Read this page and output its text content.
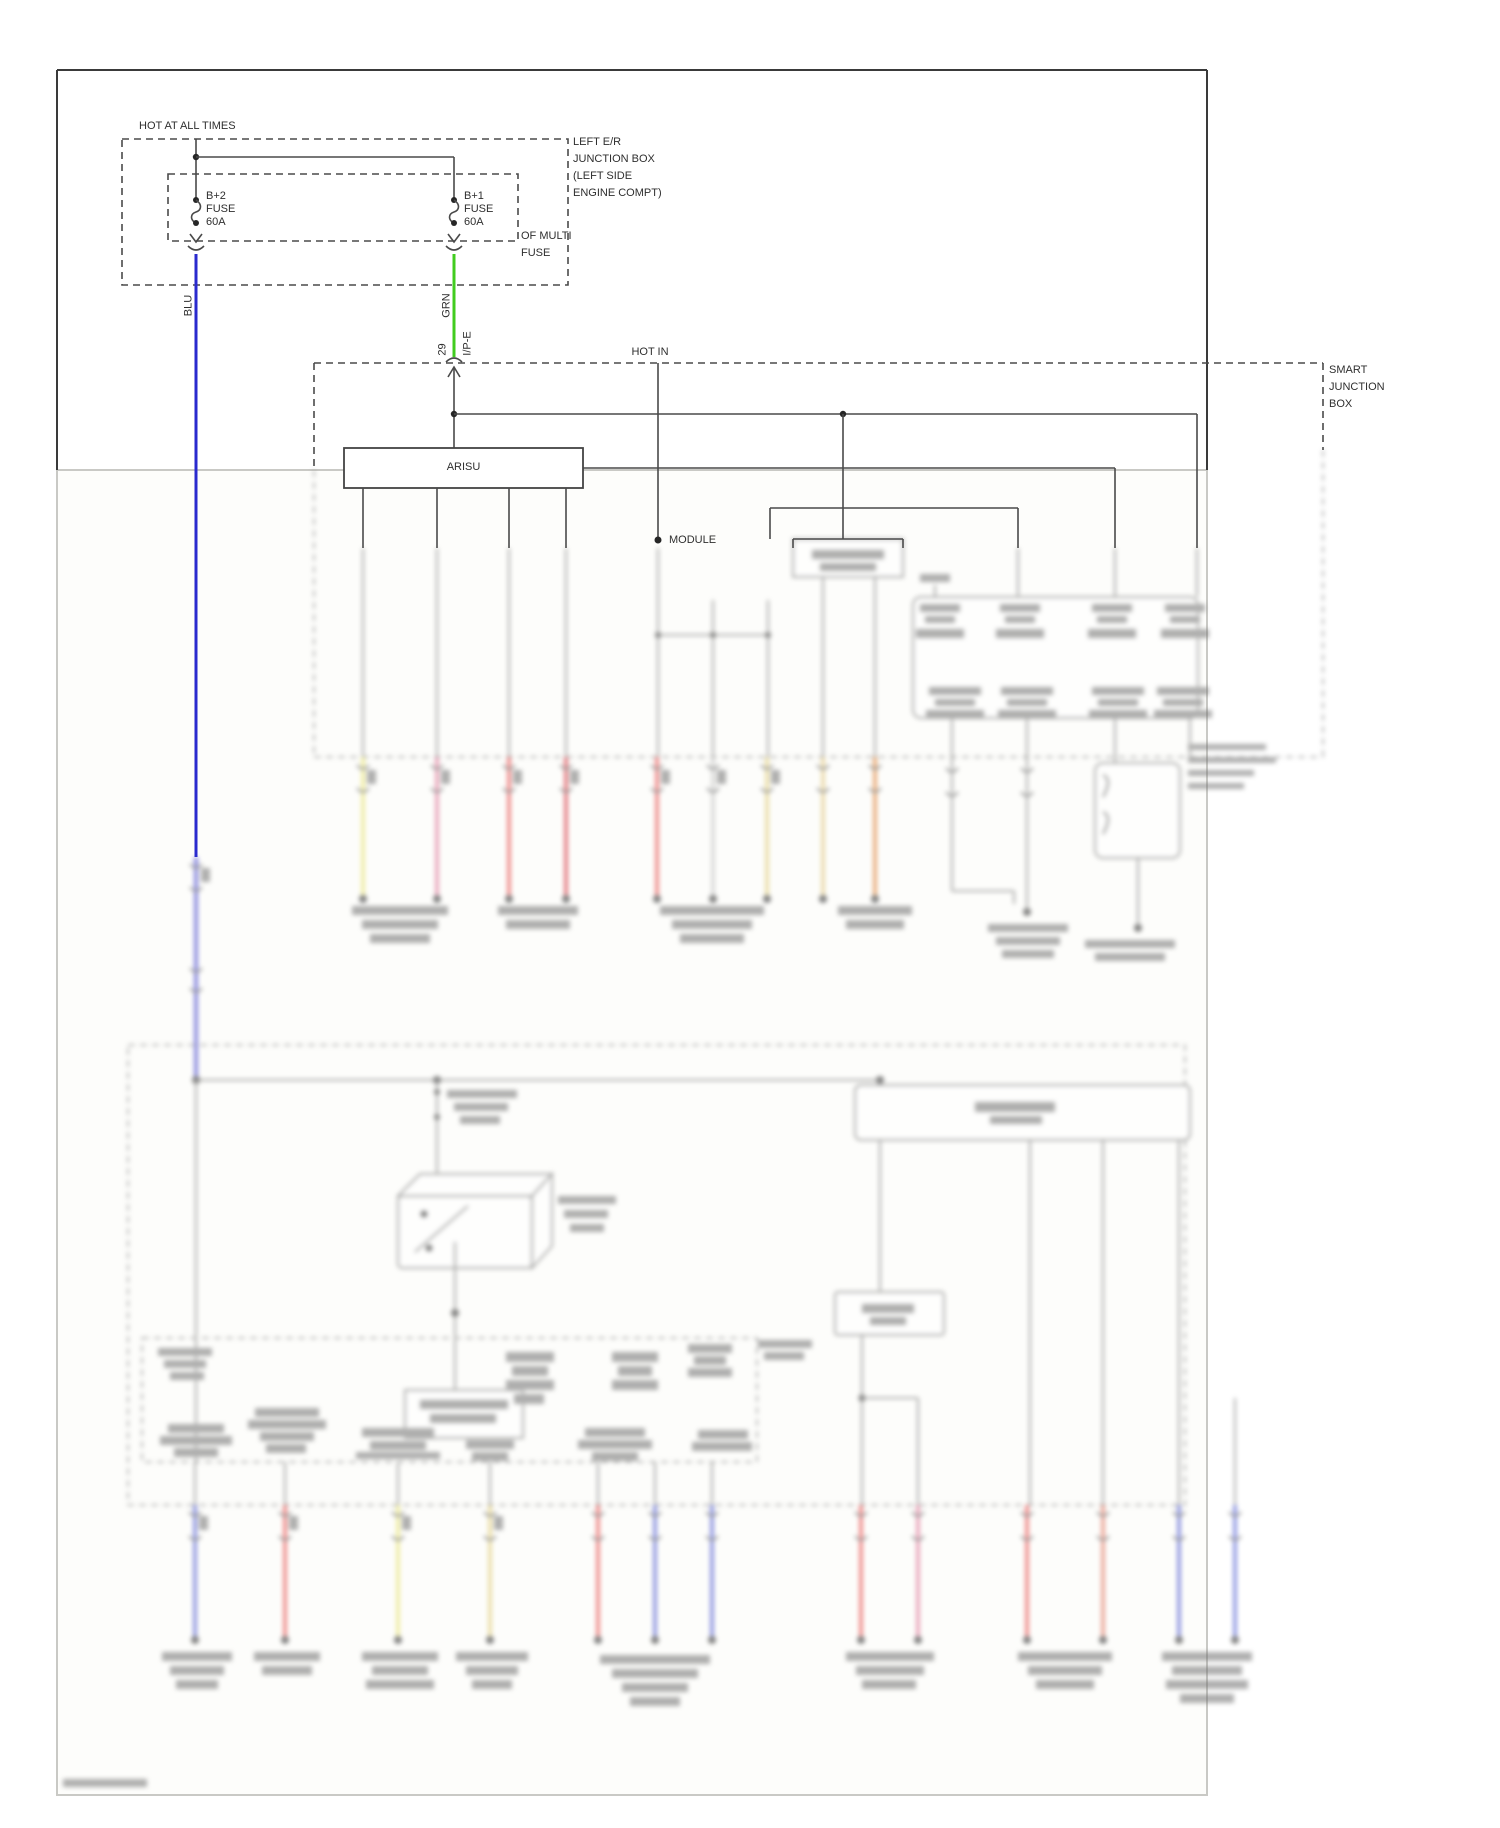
HOT AT ALL TIMES
LEFT E/R
JUNCTION BOX
(LEFT SIDE
ENGINE COMPT)
OF MULTI
FUSE
B+2
FUSE
60A
B+1
FUSE
60A
BLU	GRN
29 I/P-E	HOT IN
SMART
JUNCTION
BOX
ARISU
MODULE
